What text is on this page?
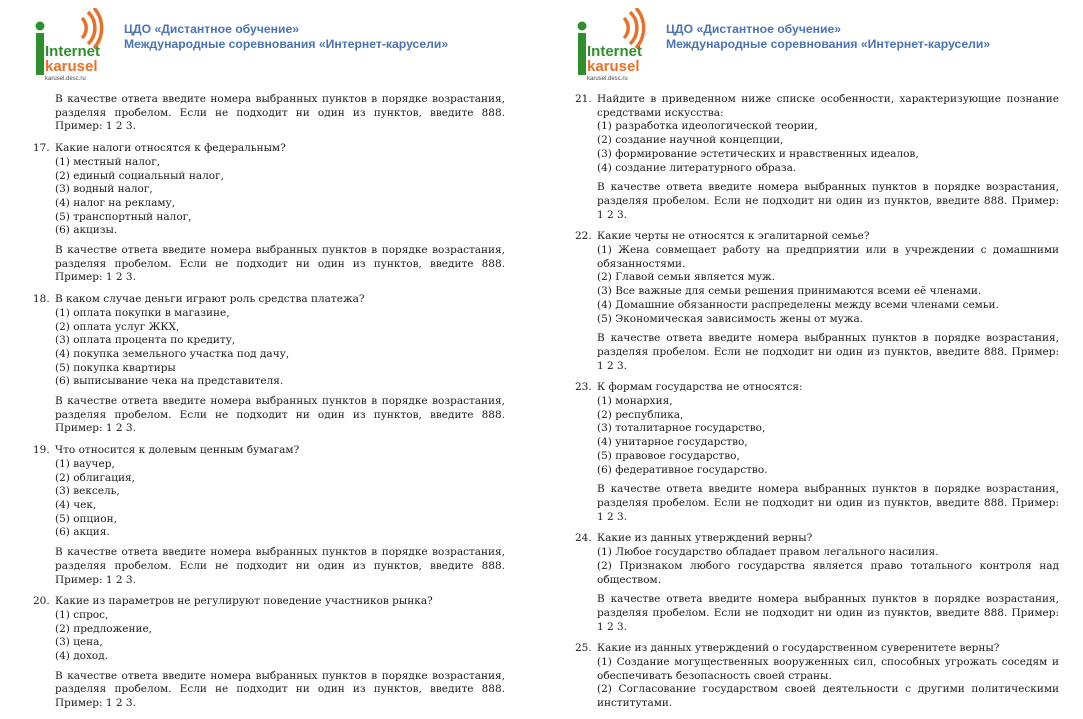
Internet
karusel
karusel.desc.ru
ЦДО «Дистантное обучение»
Международные соревнования «Интернет-карусели»
В качестве ответа введите номера выбранных пунктов в порядке возрастания, разделяя пробелом. Если не подходит ни один из пунктов, введите 888. Пример: 1 2 3.
17. Какие налоги относятся к федеральным?
(1) местный налог,
(2) единый социальный налог,
(3) водный налог,
(4) налог на рекламу,
(5) транспортный налог,
(6) акцизы.
В качестве ответа введите номера выбранных пунктов в порядке возрастания, разделяя пробелом. Если не подходит ни один из пунктов, введите 888. Пример: 1 2 3.
18. В каком случае деньги играют роль средства платежа?
(1) оплата покупки в магазине,
(2) оплата услуг ЖКХ,
(3) оплата процента по кредиту,
(4) покупка земельного участка под дачу,
(5) покупка квартиры
(6) выписывание чека на представителя.
В качестве ответа введите номера выбранных пунктов в порядке возрастания, разделяя пробелом. Если не подходит ни один из пунктов, введите 888. Пример: 1 2 3.
19. Что относится к долевым ценным бумагам?
(1) ваучер,
(2) облигация,
(3) вексель,
(4) чек,
(5) опцион,
(6) акция.
В качестве ответа введите номера выбранных пунктов в порядке возрастания, разделяя пробелом. Если не подходит ни один из пунктов, введите 888. Пример: 1 2 3.
20. Какие из параметров не регулируют поведение участников рынка?
(1) спрос,
(2) предложение,
(3) цена,
(4) доход.
В качестве ответа введите номера выбранных пунктов в порядке возрастания, разделяя пробелом. Если не подходит ни один из пунктов, введите 888. Пример: 1 2 3.
Internet
karusel
karusel.desc.ru
ЦДО «Дистантное обучение»
Международные соревнования «Интернет-карусели»
21. Найдите в приведенном ниже списке особенности, характеризующие познание средствами искусства:
(1) разработка идеологической теории,
(2) создание научной концепции,
(3) формирование эстетических и нравственных идеалов,
(4) создание литературного образа.
В качестве ответа введите номера выбранных пунктов в порядке возрастания, разделяя пробелом. Если не подходит ни один из пунктов, введите 888. Пример: 1 2 3.
22. Какие черты не относятся к эгалитарной семье?
(1) Жена совмещает работу на предприятии или в учреждении с домашними обязанностями.
(2) Главой семьи является муж.
(3) Все важные для семьи решения принимаются всеми её членами.
(4) Домашние обязанности распределены между всеми членами семьи.
(5) Экономическая зависимость жены от мужа.
В качестве ответа введите номера выбранных пунктов в порядке возрастания, разделяя пробелом. Если не подходит ни один из пунктов, введите 888. Пример: 1 2 3.
23. К формам государства не относятся:
(1) монархия,
(2) республика,
(3) тоталитарное государство,
(4) унитарное государство,
(5) правовое государство,
(6) федеративное государство.
В качестве ответа введите номера выбранных пунктов в порядке возрастания, разделяя пробелом. Если не подходит ни один из пунктов, введите 888. Пример: 1 2 3.
24. Какие из данных утверждений верны?
(1) Любое государство обладает правом легального насилия.
(2) Признаком любого государства является право тотального контроля над обществом.
В качестве ответа введите номера выбранных пунктов в порядке возрастания, разделяя пробелом. Если не подходит ни один из пунктов, введите 888. Пример: 1 2 3.
25. Какие из данных утверждений о государственном суверенитете верны?
(1) Создание могущественных вооруженных сил, способных угрожать соседям и обеспечивать безопасность своей страны.
(2) Согласование государством своей деятельности с другими политическими институтами.
